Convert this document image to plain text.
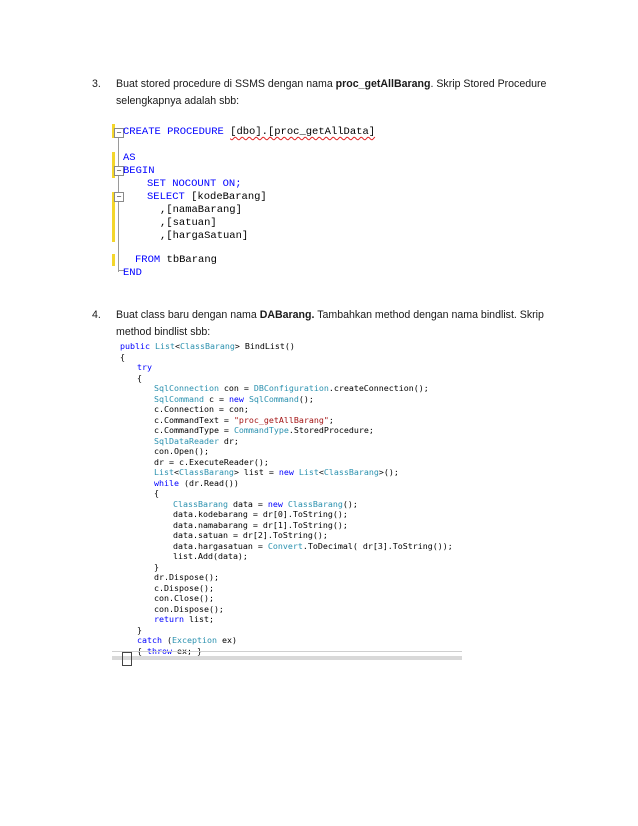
3. Buat stored procedure di SSMS dengan nama proc_getAllBarang. Skrip Stored Procedure
selengkapnya adalah sbb:
−
−
−
CREATE PROCEDURE [dbo].[proc_getAllData]
AS
BEGIN
SET NOCOUNT ON;
SELECT [kodeBarang]
,[namaBarang]
,[satuan]
,[hargaSatuan]
FROM tbBarang
END
4. Buat class baru dengan nama DABarang. Tambahkan method dengan nama bindlist. Skrip
method bindlist sbb:
public List<ClassBarang> BindList()
{
try
{
SqlConnection con = DBConfiguration.createConnection();
SqlCommand c = new SqlCommand();
c.Connection = con;
c.CommandText = "proc_getAllBarang";
c.CommandType = CommandType.StoredProcedure;
SqlDataReader dr;
con.Open();
dr = c.ExecuteReader();
List<ClassBarang> list = new List<ClassBarang>();
while (dr.Read())
{
ClassBarang data = new ClassBarang();
data.kodebarang = dr[0].ToString();
data.namabarang = dr[1].ToString();
data.satuan = dr[2].ToString();
data.hargasatuan = Convert.ToDecimal( dr[3].ToString());
list.Add(data);
}
dr.Dispose();
c.Dispose();
con.Close();
con.Dispose();
return list;
}
catch (Exception ex)
{ throw ex; }
